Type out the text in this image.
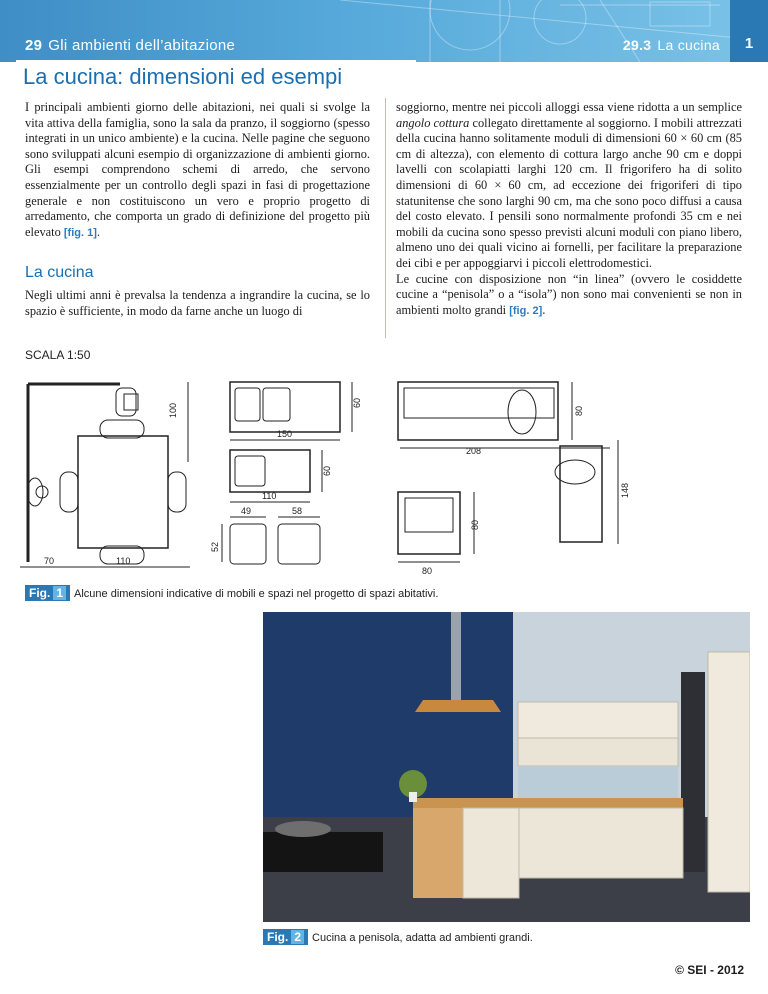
29 Gli ambienti dell’abitazione	29.3 La cucina	1
La cucina: dimensioni ed esempi

I principali ambienti giorno delle abitazioni, nei quali si svolge la vita attiva della famiglia, sono la sala da pranzo, il soggiorno (spesso integrati in un unico ambiente) e la cucina. Nelle pagine che seguono sono sviluppati alcuni esempio di organizzazione di ambienti giorno. Gli esempi comprendono schemi di arredo, che servono essenzialmente per un controllo degli spazi in fasi di progettazione generale e non costituiscono un vero e proprio progetto di arredamento, che comporta un grado di definizione del progetto più elevato [fig. 1].

La cucina

Negli ultimi anni è prevalsa la tendenza a ingrandire la cucina, se lo spazio è sufficiente, in modo da farne anche un luogo di

soggiorno, mentre nei piccoli alloggi essa viene ridotta a un semplice angolo cottura collegato direttamente al soggiorno. I mobili attrezzati della cucina hanno solitamente moduli di dimensioni 60 × 60 cm (85 cm di altezza), con elemento di cottura largo anche 90 cm e doppi lavelli con scolapiatti larghi 120 cm. Il frigorifero ha di solito dimensioni di 60 × 60 cm, ad eccezione dei frigoriferi di tipo statunitense che sono larghi 90 cm, ma che sono poco diffusi a causa del costo elevato. I pensili sono normalmente profondi 35 cm e nei mobili da cucina sono spesso previsti alcuni moduli con piano libero, almeno uno dei quali vicino ai fornelli, per facilitare la preparazione dei cibi e per appoggiarvi i piccoli elettrodomestici.

Le cucine con disposizione non “in linea” (ovvero le cosiddette cucine a “penisola” o a “isola”) non sono mai convenienti se non in ambienti molto grandi [fig. 2].

SCALA 1:50
100	60
150
60
110
49	58
52
70	110
80
208
148
80
80
Fig. 1 Alcune dimensioni indicative di mobili e spazi nel progetto di spazi abitativi.
Fig. 2 Cucina a penisola, adatta ad ambienti grandi.
© SEI - 2012
